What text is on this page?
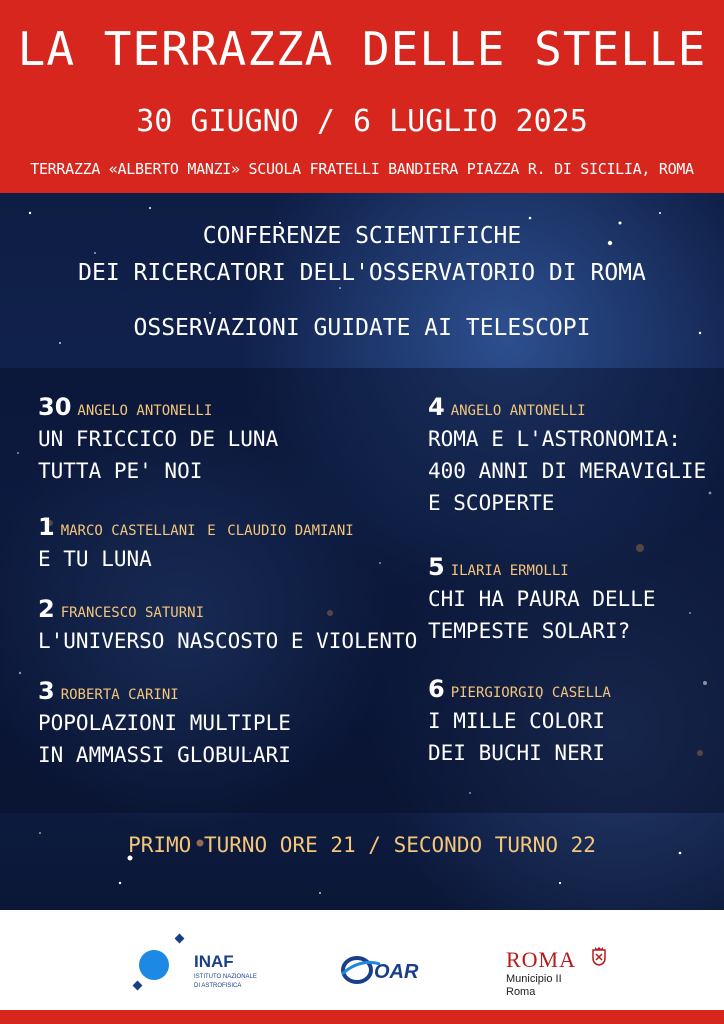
LA TERRAZZA DELLE STELLE
30 GIUGNO / 6 LUGLIO 2025
TERRAZZA «ALBERTO MANZI» SCUOLA FRATELLI BANDIERA PIAZZA R. DI SICILIA, ROMA
CONFERENZE SCIENTIFICHE
DEI RICERCATORI DELL'OSSERVATORIO DI ROMA
OSSERVAZIONI GUIDATE AI TELESCOPI
30 ANGELO ANTONELLI
UN FRICCICO DE LUNA
TUTTA PE' NOI
1 MARCO CASTELLANI E CLAUDIO DAMIANI
E TU LUNA
2 FRANCESCO SATURNI
L'UNIVERSO NASCOSTO E VIOLENTO
3 ROBERTA CARINI
POPOLAZIONI MULTIPLE
IN AMMASSI GLOBULARI
4 ANGELO ANTONELLI
ROMA E L'ASTRONOMIA:
400 ANNI DI MERAVIGLIE
E SCOPERTE
5 ILARIA ERMOLLI
CHI HA PAURA DELLE
TEMPESTE SOLARI?
6 PIERGIORGIO CASELLA
I MILLE COLORI
DEI BUCHI NERI
PRIMO TURNO ORE 21 / SECONDO TURNO 22
INAF
ISTITUTO NAZIONALE
DI ASTROFISICA
OAR	ROMA
Municipio II
Roma
